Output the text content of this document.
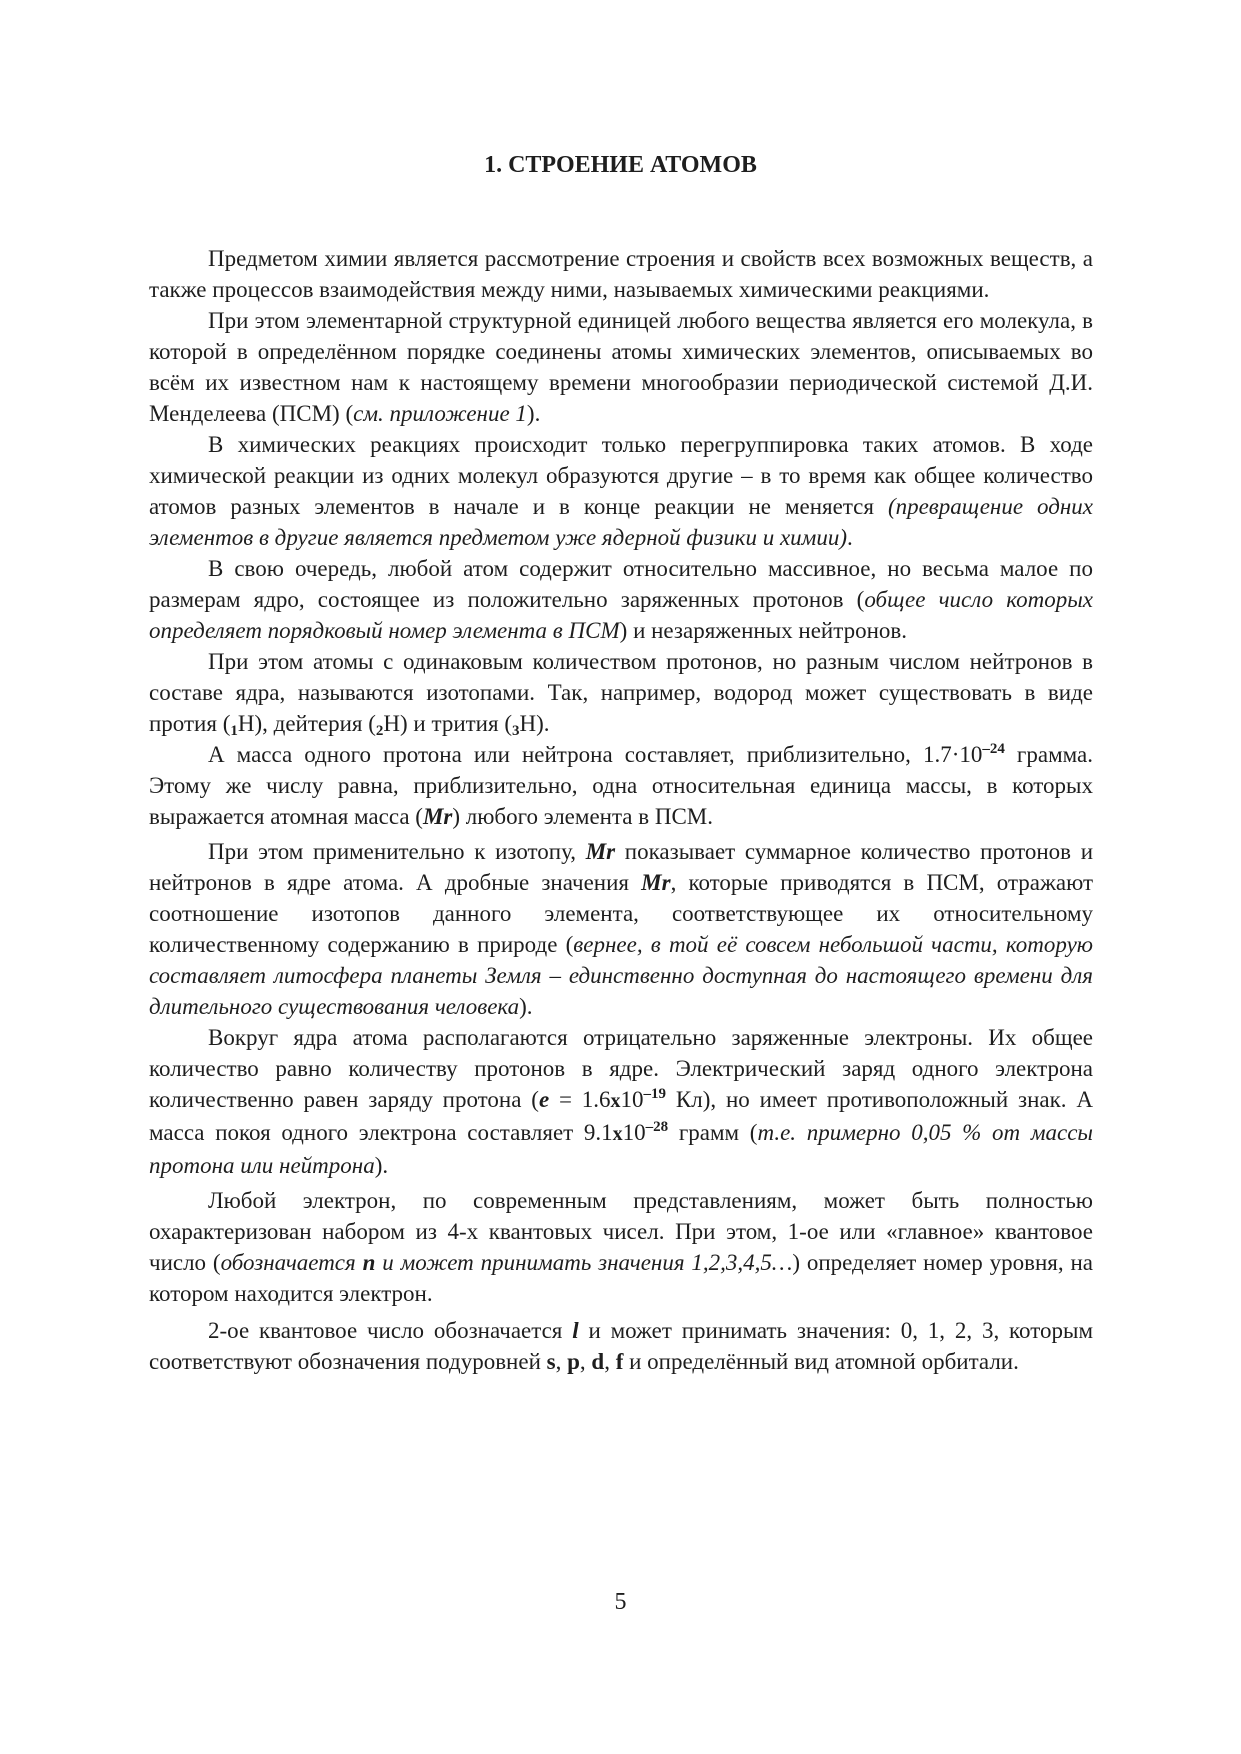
1. СТРОЕНИЕ АТОМОВ

Предметом химии является рассмотрение строения и свойств всех возможных веществ, а также процессов взаимодействия между ними, называемых химическими реакциями.

При этом элементарной структурной единицей любого вещества является его молекула, в которой в определённом порядке соединены атомы химических элементов, описываемых во всём их известном нам к настоящему времени многообразии периодической системой Д.И. Менделеева (ПСМ) (см. приложение 1).

В химических реакциях происходит только перегруппировка таких атомов. В ходе химической реакции из одних молекул образуются другие – в то время как общее количество атомов разных элементов в начале и в конце реакции не меняется (превращение одних элементов в другие является предметом уже ядерной физики и химии).

В свою очередь, любой атом содержит относительно массивное, но весьма малое по размерам ядро, состоящее из положительно заряженных протонов (общее число которых определяет порядковый номер элемента в ПСМ) и незаряженных нейтронов.

При этом атомы с одинаковым количеством протонов, но разным числом нейтронов в составе ядра, называются изотопами. Так, например, водород может существовать в виде протия $(_1H)$, дейтерия $(_2H)$ и трития $(_3H)$.

А масса одного протона или нейтрона составляет, приблизительно, $1.7\cdot 10^{-24}$ грамма. Этому же числу равна, приблизительно, одна относительная единица массы, в которых выражается атомная масса (Mr) любого элемента в ПСМ.

При этом применительно к изотопу, Mr показывает суммарное количество протонов и нейтронов в ядре атома. А дробные значения Mr, которые приводятся в ПСМ, отражают соотношение изотопов данного элемента, соответствующее их относительному количественному содержанию в природе (вернее, в той её совсем небольшой части, которую составляет литосфера планеты Земля – единственно доступная до настоящего времени для длительного существования человека).

Вокруг ядра атома располагаются отрицательно заряженные электроны. Их общее количество равно количеству протонов в ядре. Электрический заряд одного электрона количественно равен заряду протона ($e = 1.6x10^{-19}$ Кл), но имеет противоположный знак. А масса покоя одного электрона составляет $9.1x10^{-28}$ грамм (т.е. примерно 0,05 % от массы протона или нейтрона).

Любой электрон, по современным представлениям, может быть полностью охарактеризован набором из 4-х квантовых чисел. При этом, 1-ое или «главное» квантовое число (обозначается n и может принимать значения 1,2,3,4,5…) определяет номер уровня, на котором находится электрон.

2-ое квантовое число обозначается l и может принимать значения: 0, 1, 2, 3, которым соответствуют обозначения подуровней s, p, d, f и определённый вид атомной орбитали.

5
